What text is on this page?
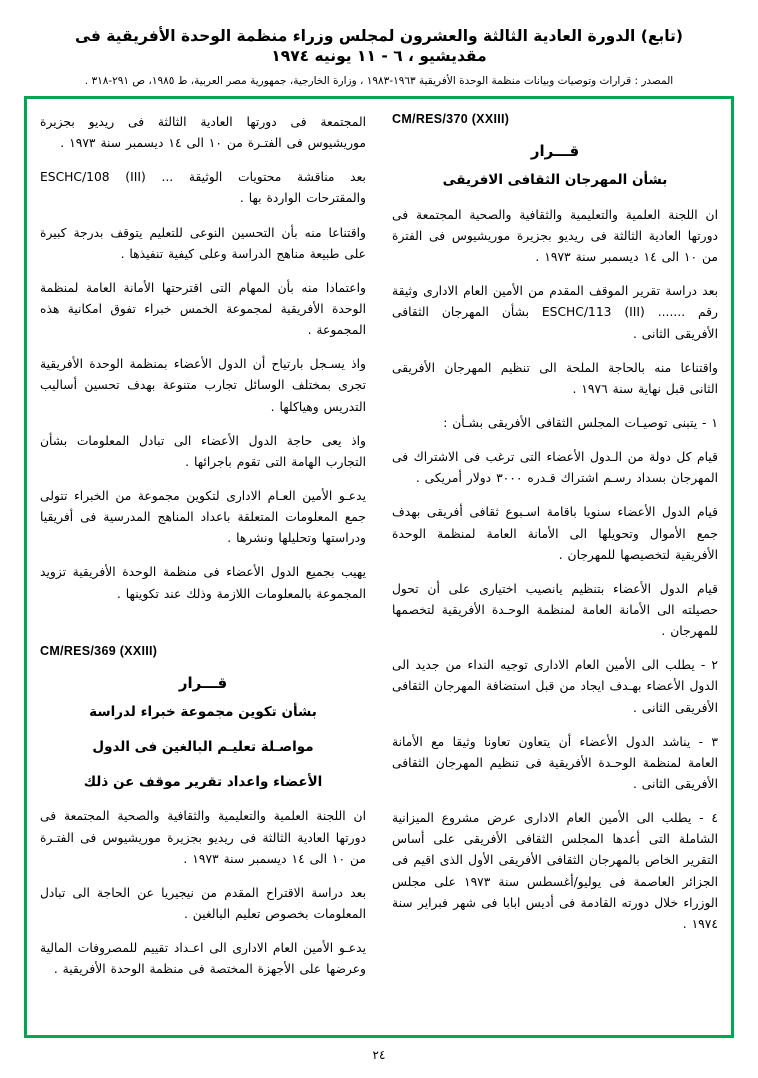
(تابع) الدورة العادية الثالثة والعشرون لمجلس وزراء منظمة الوحدة الأفريقية فى مقديشيو ، ٦ - ١١ يونيه ١٩٧٤
المصدر : قرارات وتوصيات وبيانات منظمة الوحدة الأفريقية ١٩٦٣-١٩٨٣ ، وزارة الخارجية، جمهورية مصر العربية، ط ١٩٨٥، ص ٢٩١-٣١٨ .
CM/RES/370 (XXIII)
قـــرار
بشأن المهرجان الثقافى الافريقى

ان اللجنة العلمية والتعليمية والثقافية والصحية المجتمعة فى دورتها العادية الثالثة فى ريديو بجزيرة موريشيوس فى الفترة من ١٠ الى ١٤ ديسمبر سنة ١٩٧٣ .

بعد دراسة تقرير الموقف المقدم من الأمين العام الادارى وثيقة رقم ....... ESCHC/113 (III) بشأن المهرجان الثقافى الأفريقى الثانى .

واقتناعا منه بالحاجة الملحة الى تنظيم المهرجان الأفريقى الثانى قبل نهاية سنة ١٩٧٦ .

١ - يتبنى توصيـات المجلس الثقافى الأفريقى بشـأن :

قيام كل دولة من الـدول الأعضاء التى ترغب فى الاشتراك فى المهرجان بسداد رسـم اشتراك قـدره ٣٠٠٠ دولار أمريكى .

قيام الدول الأعضاء سنويا باقامة اسـبوع ثقافى أفريقى بهدف جمع الأموال وتحويلها الى الأمانة العامة لمنظمة الوحدة الأفريقية لتخصيصها للمهرجان .

قيام الدول الأعضاء بتنظيم يانصيب اختيارى على أن تحول حصيلته الى الأمانة العامة لمنظمة الوحـدة الأفريقية لتخصمها للمهرجان .

٢ - يطلب الى الأمين العام الادارى توجيه النداء من جديد الى الدول الأعضاء بهـدف ايجاد من قبل استضافة المهرجان الثقافى الأفريقى الثانى .

٣ - يناشد الدول الأعضاء أن يتعاون تعاونا وثيقا مع الأمانة العامة لمنظمة الوحـدة الأفريقية فى تنظيم المهرجان الثقافى الأفريقى الثانى .

٤ - يطلب الى الأمين العام الادارى عرض مشروع الميزانية الشاملة التى أعدها المجلس الثقافى الأفريقى على أساس التقرير الخاص بالمهرجان الثقافى الأفريقى الأول الذى اقيم فى الجزائر العاصمة فى يوليو/أغسطس سنة ١٩٧٣ على مجلس الوزراء خلال دورته القادمة فى أديس ابابا فى شهر فبراير سنة ١٩٧٤ .

المجتمعة فى دورتها العادية الثالثة فى ريديو بجزيرة موريشيوس فى الفتـرة من ١٠ الى ١٤ ديسمبر سنة ١٩٧٣ .

بعد مناقشة محتويات الوثيقة ... ESCHC/108 (III) والمقترحات الواردة بها .

واقتناعا منه بأن التحسين النوعى للتعليم يتوقف بدرجة كبيرة على طبيعة مناهج الدراسة وعلى كيفية تنفيذها .

واعتمادا منه بأن المهام التى اقترحتها الأمانة العامة لمنظمة الوحدة الأفريقية لمجموعة الخمس خبراء تفوق امكانية هذه المجموعة .

واذ يسـجل بارتياح أن الدول الأعضاء بمنظمة الوحدة الأفريقية تجرى بمختلف الوسائل تجارب متنوعة بهدف تحسين أساليب التدريس وهياكلها .

واذ يعى حاجة الدول الأعضاء الى تبادل المعلومات بشأن التجارب الهامة التى تقوم باجرائها .

يدعـو الأمين العـام الادارى لتكوين مجموعة من الخبراء تتولى جمع المعلومات المتعلقة باعداد المناهج المدرسية فى أفريقيا ودراستها وتحليلها ونشرها .

يهيب بجميع الدول الأعضاء فى منظمة الوحدة الأفريقية تزويد المجموعة بالمعلومات اللازمة وذلك عند تكوينها .

CM/RES/369 (XXIII)
قـــرار
بشأن تكوين مجموعة خبراء لدراسة
مواصـلة تعليـم البالغين فى الدول
الأعضاء واعداد تقرير موقف عن ذلك

ان اللجنة العلمية والتعليمية والثقافية والصحية المجتمعة فى دورتها العادية الثالثة فى ريديو بجزيرة موريشيوس فى الفتـرة من ١٠ الى ١٤ ديسمبر سنة ١٩٧٣ .

بعد دراسة الاقتراح المقدم من نيجيريا عن الحاجة الى تبادل المعلومات بخصوص تعليم البالغين .

يدعـو الأمين العام الادارى الى اعـداد تقييم للمصروفات المالية وعرضها على الأجهزة المختصة فى منظمة الوحدة الأفريقية .

٢٤
